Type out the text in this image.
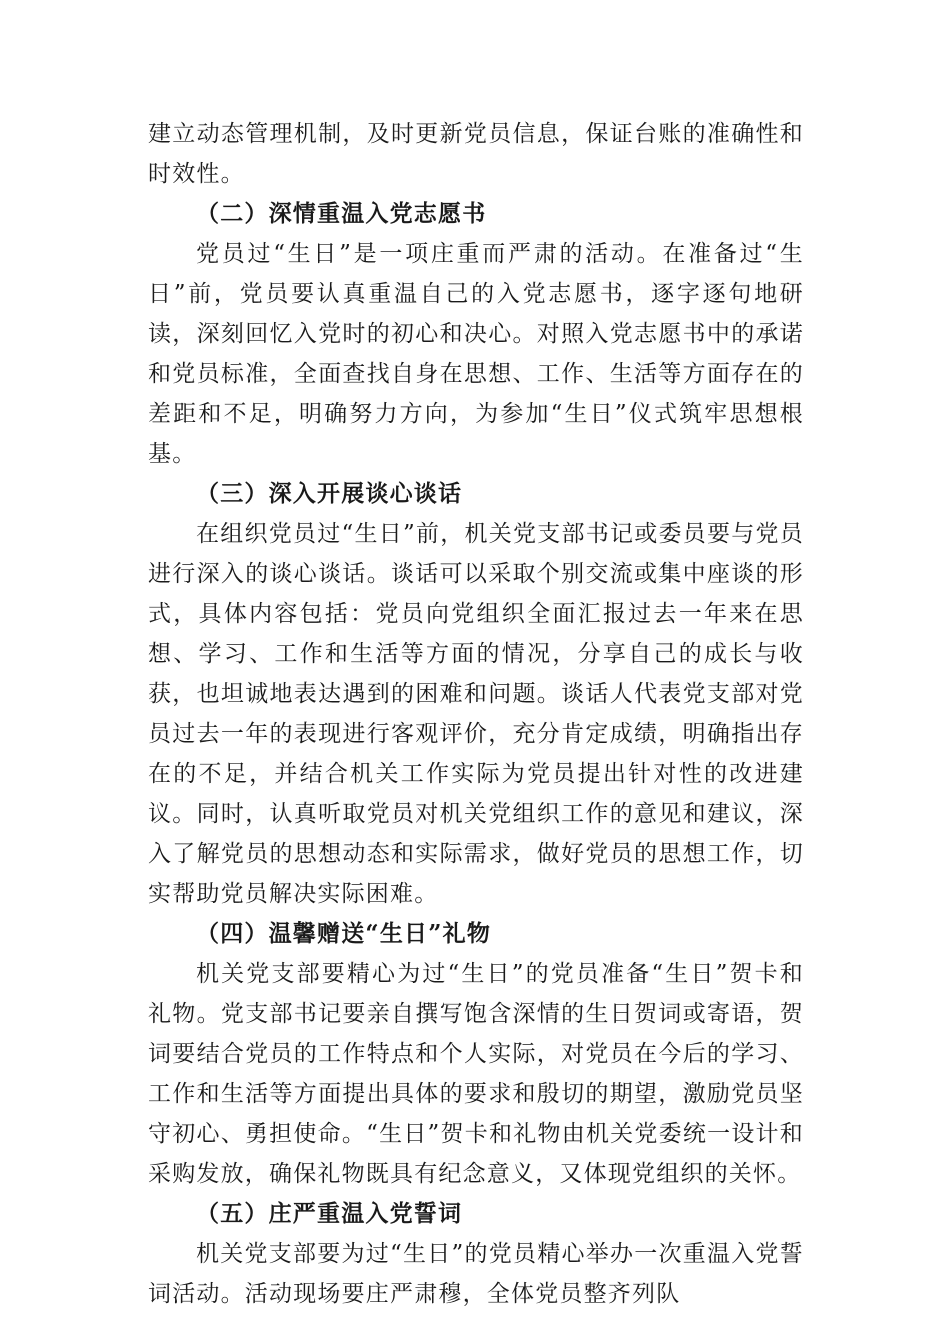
建立动态管理机制，及时更新党员信息，保证台账的准确性和时效性。

（二）深情重温入党志愿书

党员过“生日”是一项庄重而严肃的活动。在准备过“生日”前，党员要认真重温自己的入党志愿书，逐字逐句地研读，深刻回忆入党时的初心和决心。对照入党志愿书中的承诺和党员标准，全面查找自身在思想、工作、生活等方面存在的差距和不足，明确努力方向，为参加“生日”仪式筑牢思想根基。

（三）深入开展谈心谈话

在组织党员过“生日”前，机关党支部书记或委员要与党员进行深入的谈心谈话。谈话可以采取个别交流或集中座谈的形式，具体内容包括：党员向党组织全面汇报过去一年来在思想、学习、工作和生活等方面的情况，分享自己的成长与收获，也坦诚地表达遇到的困难和问题。谈话人代表党支部对党员过去一年的表现进行客观评价，充分肯定成绩，明确指出存在的不足，并结合机关工作实际为党员提出针对性的改进建议。同时，认真听取党员对机关党组织工作的意见和建议，深入了解党员的思想动态和实际需求，做好党员的思想工作，切实帮助党员解决实际困难。

（四）温馨赠送“生日”礼物

机关党支部要精心为过“生日”的党员准备“生日”贺卡和礼物。党支部书记要亲自撰写饱含深情的生日贺词或寄语，贺词要结合党员的工作特点和个人实际，对党员在今后的学习、工作和生活等方面提出具体的要求和殷切的期望，激励党员坚守初心、勇担使命。“生日”贺卡和礼物由机关党委统一设计和采购发放，确保礼物既具有纪念意义，又体现党组织的关怀。

（五）庄严重温入党誓词

机关党支部要为过“生日”的党员精心举办一次重温入党誓词活动。活动现场要庄严肃穆，全体党员整齐列队
